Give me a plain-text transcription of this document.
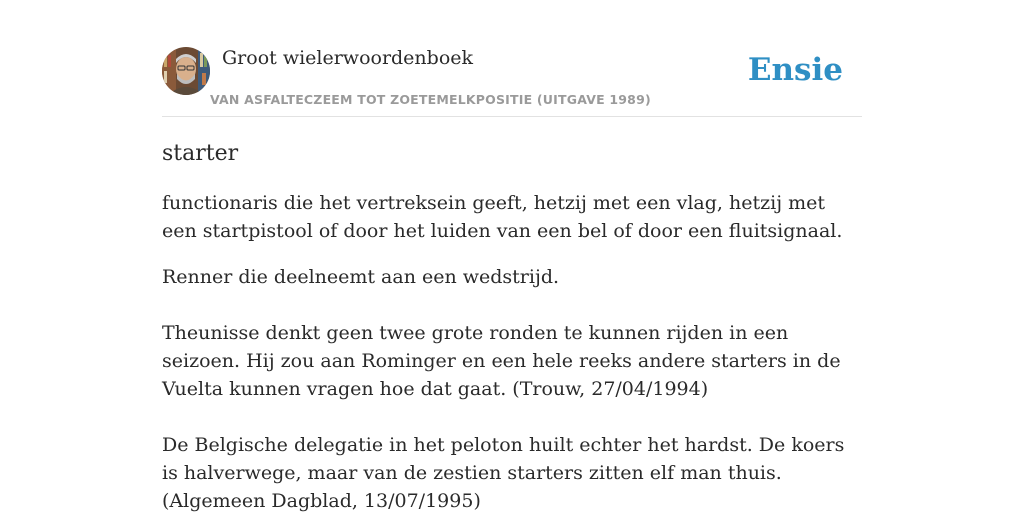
Groot wielerwoordenboek
VAN ASFALTECZEEM TOT ZOETEMELKPOSITIE (UITGAVE 1989)
Ensie
starter

functionaris die het vertreksein geeft, hetzij met een vlag, hetzij met een startpistool of door het luiden van een bel of door een fluitsignaal.

Renner die deelneemt aan een wedstrijd.

Theunisse denkt geen twee grote ronden te kunnen rijden in een seizoen. Hij zou aan Rominger en een hele reeks andere starters in de Vuelta kunnen vragen hoe dat gaat. (Trouw, 27/04/1994)

De Belgische delegatie in het peloton huilt echter het hardst. De koers is halverwege, maar van de zestien starters zitten elf man thuis. (Algemeen Dagblad, 13/07/1995)
